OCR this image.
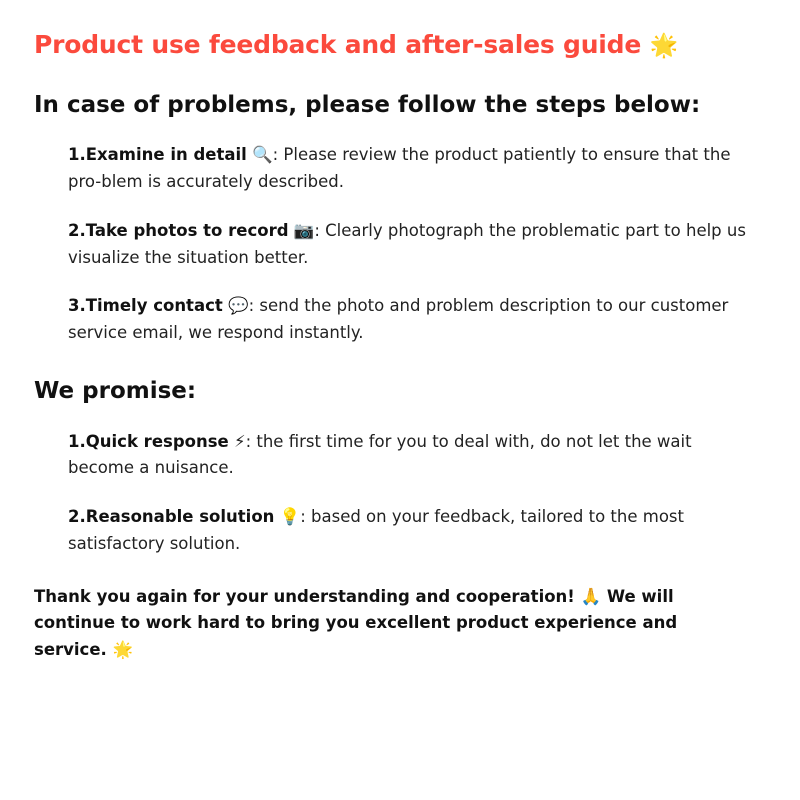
Product use feedback and after-sales guide 🌟
In case of problems, please follow the steps below:

1.Examine in detail 🔍: Please review the product patiently to ensure that the pro-blem is accurately described.

2.Take photos to record 📷: Clearly photograph the problematic part to help us visualize the situation better.

3.Timely contact 💬: send the photo and problem description to our customer service email, we respond instantly.

We promise:

1.Quick response ⚡: the first time for you to deal with, do not let the wait become a nuisance.

2.Reasonable solution 💡: based on your feedback, tailored to the most satisfactory solution.

Thank you again for your understanding and cooperation! 🙏 We will continue to work hard to bring you excellent product experience and service. 🌟
